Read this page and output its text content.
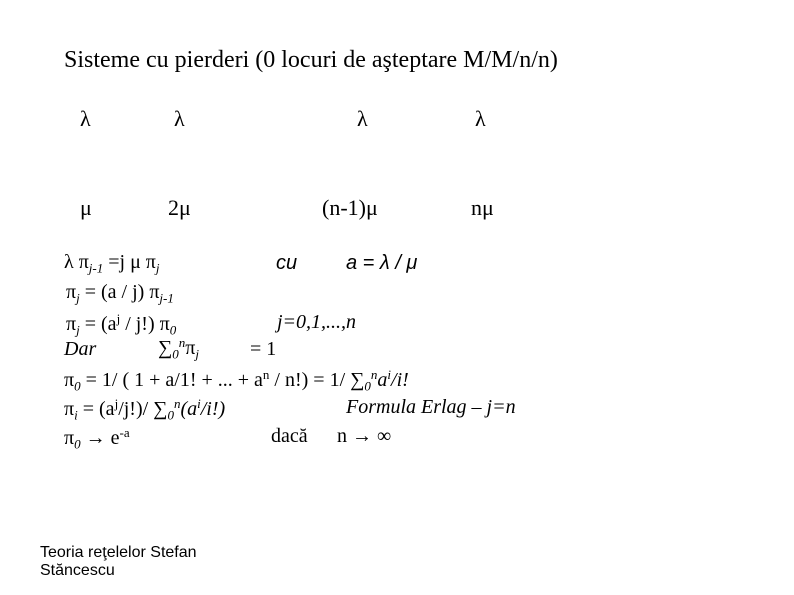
Sisteme cu pierderi (0 locuri de aşteptare M/M/n/n)
λ	λ	λ	λ
μ	2μ	(n-1)μ	nμ
λ $\pi_{j-1} =j$ μ $\pi_j$	cu a = λ / μ
$\pi_j = (a / j)$ $\pi_{j-1}$
$\pi_j = (a^j / j!)$ $\pi_0$	j=0,1,...,n
Dar	$\sum_0^n\pi_j$	= 1
$\pi_0 = 1/$ ( 1 + a/1! + ... + $a^n / n!) = 1/$ $\sum_0^na^i/i$!
$\pi_i = (a^j/j!)/$ $\sum_0^n(a^i/i!)$	Formula Erlag – j=n
$\pi_0 \to e^{-a}$	dacă n → ∞
Teoria reţelelor Stefan
Stăncescu
